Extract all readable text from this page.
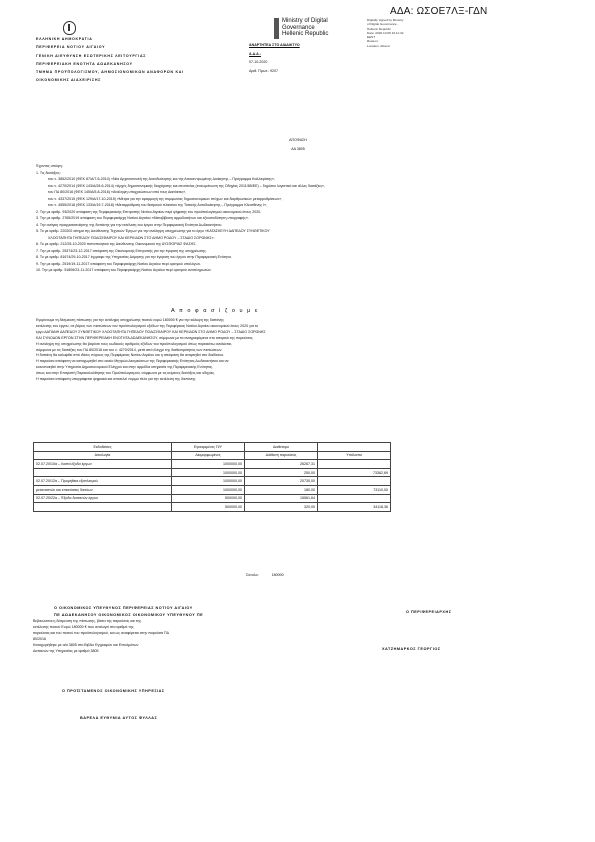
ΑΔΑ: ΩΣΟΕ7ΛΞ-ΓΔΝ
ΕΛΛΗΝΙΚΗ ΔΗΜΟΚΡΑΤΙΑ
ΠΕΡΙΦΕΡΕΙΑ ΝΟΤΙΟΥ ΑΙΓΑΙΟΥ
ΓΕΝΙΚΗ ΔΙΕΥΘΥΝΣΗ ΕΣΩΤΕΡΙΚΗΣ ΛΕΙΤΟΥΡΓΙΑΣ
ΠΕΡΙΦΕΡΕΙΑΚΗ ΕΝΟΤΗΤΑ ΔΩΔΕΚΑΝΗΣΟΥ
ΤΜΗΜΑ ΠΡΟΫΠΟΛΟΓΙΣΜΟΥ, ΔΗΜΟΣΙΟΝΟΜΙΚΩΝ ΑΝΑΦΟΡΩΝ ΚΑΙ
ΟΙΚΟΝΟΜΙΚΗΣ ΔΙΑΧΕΙΡΙΣΗΣ
Ministry of Digital
Governance
Hellenic Republic
Digitally signed by Ministry
of Digital Governance,
Hellenic Republic
Date: 2020.10.08 10:11:32
EEST
Reason:
Location: Athens
ΑΝΑΡΤΗΤΕΑ ΣΤΟ ΔΙΑΔΙΚΤΥΟ
Α.Δ.Α.:
07-10-2020
Αριθ. Πρωτ.: 9207
ΑΠΟΦΑΣΗ
ΑΑ 3805

Έχοντας υπόψη:

1. Τις διατάξεις:

του ν. 3852/2010 (ΦΕΚ 87/Α/7-6-2010) «Νέα Αρχιτεκτονική της Αυτοδιοίκησης και της Αποκεντρωμένης Διοίκησης – Πρόγραμμα Καλλικράτης»,

του ν. 4270/2014 (ΦΕΚ 143/Α/28-6-2014) «Αρχές δημοσιονομικής διαχείρισης και εποπτείας (ενσωμάτωση της Οδηγίας 2011/85/ΕΕ) – δημόσιο λογιστικό και άλλες διατάξεις»,

του ΠΔ 80/2016 (ΦΕΚ 145/Α/5-8-2016) «Ανάληψη υποχρεώσεων από τους Διατάκτες»,

του ν. 4337/2015 (ΦΕΚ 129/Α/17-10-2015) «Μέτρα για την εφαρμογή της συμφωνίας δημοσιονομικών στόχων και διαρθρωτικών μεταρρυθμίσεων»,

του ν. 4555/2018 (ΦΕΚ 133/Α/19-7-2018) «Μεταρρύθμιση του θεσμικού πλαισίου της Τοπικής Αυτοδιοίκησης – Πρόγραμμα Κλεισθένης Ι»,

2. Την με αριθμ. 93/2020 απόφαση της Περιφερειακής Επιτροπής Νοτίου Αιγαίου περί ψήφισης του προϋπολογισμού οικονομικού έτους 2020.

3. Την με αριθμ. 2765/2019 απόφαση του Περιφερειάρχη Νοτίου Αιγαίου «Μεταβίβαση αρμοδιοτήτων και εξουσιοδότηση υπογραφής».

4. Την ανάγκη πραγματοποίησης της δαπάνης για την εκτέλεση του έργου στην Περιφερειακή Ενότητα Δωδεκανήσου.

5. Το με αριθμ. 220202 αίτημα της Διεύθυνσης Τεχνικών Έργων για την ανάληψη υποχρέωσης για το έργο «ΚΑΤΑΣΚΕΥΗ ΔΑΠΕΔΟΥ ΣΥΝΘΕΤΙΚΟΥ

ΧΛΟΟΤΑΠΗΤΑ ΓΗΠΕΔΟΥ ΠΟΔΟΣΦΑΙΡΟΥ ΚΑΙ ΚΕΡΚΙΔΩΝ ΣΤΟ ΔΗΜΟ ΡΟΔΟΥ – ΣΤΑΔΙΟ ΣΟΡΩΝΗΣ».

6. Το με αριθμ. 212/25-10-2020 πιστοποιητικό της Διεύθυνσης Οικονομικού της ΔΥΣΦΟΡΙΑΣ ΦΑΣΗΣ.

7. Την με αριθμ. 25374/23-12-2017 απόφαση της Οικονομικής Επιτροπής για την έγκριση της υποχρέωσης.

8. Το με αριθμ. 81674/29-10-2017 έγγραφο της Υπηρεσίας Δόμησης για την έγκριση του έργου στην Περιφερειακή Ενότητα.

9. Την με αριθμ. 2519/19-11-2017 απόφαση του Περιφερειάρχη Νοτίου Αιγαίου περί ορισμού υπολόγων.

10. Την με αριθμ. 51806/23-11-2017 απόφαση του Περιφερειάρχη Νοτίου Αιγαίου περί ορισμού αναπληρωτών.

Α π ο φ α σ ί ζ ο υ μ ε

Εγκρίνουμε τη δέσμευση πίστωσης για την ανάληψη υποχρέωσης ποσού ευρώ 180000 € για την κάλυψη της δαπάνης

εκτέλεσης του έργου, σε βάρος των πιστώσεων του προϋπολογισμού εξόδων της Περιφέρειας Νοτίου Αιγαίου οικονομικού έτους 2020 για το

έργο ΔΑΠΑΝΗ ΔΑΠΕΔΟΥ ΣΥΝΘΕΤΙΚΟΥ ΧΛΟΟΤΑΠΗΤΑ ΓΗΠΕΔΟΥ ΠΟΔΟΣΦΑΙΡΟΥ ΚΑΙ ΚΕΡΚΙΔΩΝ ΣΤΟ ΔΗΜΟ ΡΟΔΟΥ – ΣΤΑΔΙΟ ΣΟΡΩΝΗΣ

ΚΑΙ ΣΥΝΟΔΩΝ ΕΡΓΩΝ ΣΤΗΝ ΠΕΡΙΦΕΡΕΙΑΚΗ ΕΝΟΤΗΤΑ ΔΩΔΕΚΑΝΗΣΟΥ, σύμφωνα με τα αναγραφόμενα στο ιστορικό της παρούσας.

Η ανάληψη της υποχρέωσης θα βαρύνει τους κωδικούς αριθμούς εξόδων του προϋπολογισμού όπως παρακάτω αναλύεται,

σύμφωνα με τις διατάξεις του ΠΔ 80/2016 και του ν. 4270/2014, μετά από έλεγχο της διαθεσιμότητας των πιστώσεων.

Η δαπάνη θα καλυφθεί από ιδίους πόρους της Περιφέρειας Νοτίου Αιγαίου και η απόφαση θα αναρτηθεί στο διαδίκτυο.

Η παρούσα απόφαση να καταχωρηθεί στο οικείο Μητρώο Δεσμεύσεων της Περιφερειακής Ενότητας Δωδεκανήσου και να

κοινοποιηθεί στην Υπηρεσία Δημοσιονομικού Ελέγχου και στην αρμόδια υπηρεσία της Περιφερειακής Ενότητας,

όπως και στην Επιτροπή Παρακολούθησης του Προϋπολογισμού, σύμφωνα με τις κείμενες διατάξεις και οδηγίες.

Η παρούσα απόφαση υπογράφεται ψηφιακά και αποτελεί νόμιμο τίτλο για την εκτέλεση της δαπάνης.

Εκδοθείσες	Εγκεκριμένες Π/Υ	Διαθέσιμο	
Αιτιολογία	Διαμορφωμένες	Διάθεση παρούσας	Υπόλοιπο
02.07.20/10α – Λοιπά έξοδα έργων	1000000,00	26267,31	
	1000000,00	250,00	73362,69
02.07.20/12α – Προμήθεια εξοπλισμού	1000000,00	20730,00	
μεταναστών και επεκτάσεις δικτύων	1000000,00	180,00	73110,00
02.07.20/22α – Έξοδα δαπανών έργου	500000,00	15561,64	
	500000,00	320,00	34118,36
Σύνολο:	180000
Ο ΟΙΚΟΝΟΜΙΚΟΣ ΥΠΕΥΘΥΝΟΣ ΠΕΡΙΦΕΡΕΙΑΣ ΝΟΤΙΟΥ ΑΙΓΑΙΟΥ
ΠΕ ΔΩΔΕΚΑΝΗΣΟΥ ΟΙΚΟΝΟΜΙΚΟΣ ΟΙΚΟΝΟΜΙΚΟΥ ΥΠΕΥΘΥΝΟΥ ΠΕ
Ο ΠΕΡΙΦΕΡΕΙΑΡΧΗΣ
ΧΑΤΖΗΜΑΡΚΟΣ ΓΕΩΡΓΙΟΣ

Βεβαιώνεται η δέσμευση της πίστωσης, βάσει της παρούσας και της

εκτέλεσης ποσού Ευρώ 180000 € που αναλογεί στο αριθμό της

παρούσας και του ποσού του προϋπολογισμού, και ως αναφέρεται στην παρούσα ΠΔ

80/2016

Καταχωρήθηκε με α/α 3805 στο Βιβλίο Εγγραφών και Ενταλμάτων

Δαπανών της Υπηρεσίας με αριθμό 3805

Ο ΠΡΟΪΣΤΑΜΕΝΟΣ ΟΙΚΟΝΟΜΙΚΗΣ ΥΠΗΡΕΣΙΑΣ
ΒΑΡΕΛΑ ΕΥΘΥΜΙΑ ΑΥΤΟΣ ΦΥΛΛΑΣ
